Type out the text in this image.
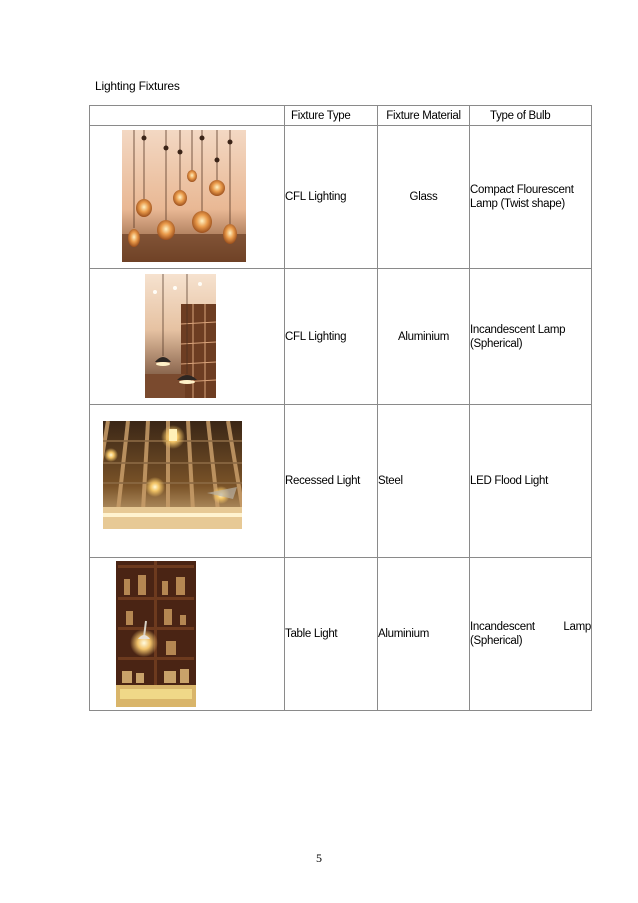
Lighting Fixtures
	Fixture Type	Fixture Material	Type of Bulb

	CFL Lighting	Glass	Compact Flourescent
Lamp (Twist shape)

	CFL Lighting	Aluminium	Incandescent Lamp
(Spherical)

	Recessed Light	Steel	LED Flood Light

	Table Light	Aluminium	Incandescent Lamp
(Spherical)
5
